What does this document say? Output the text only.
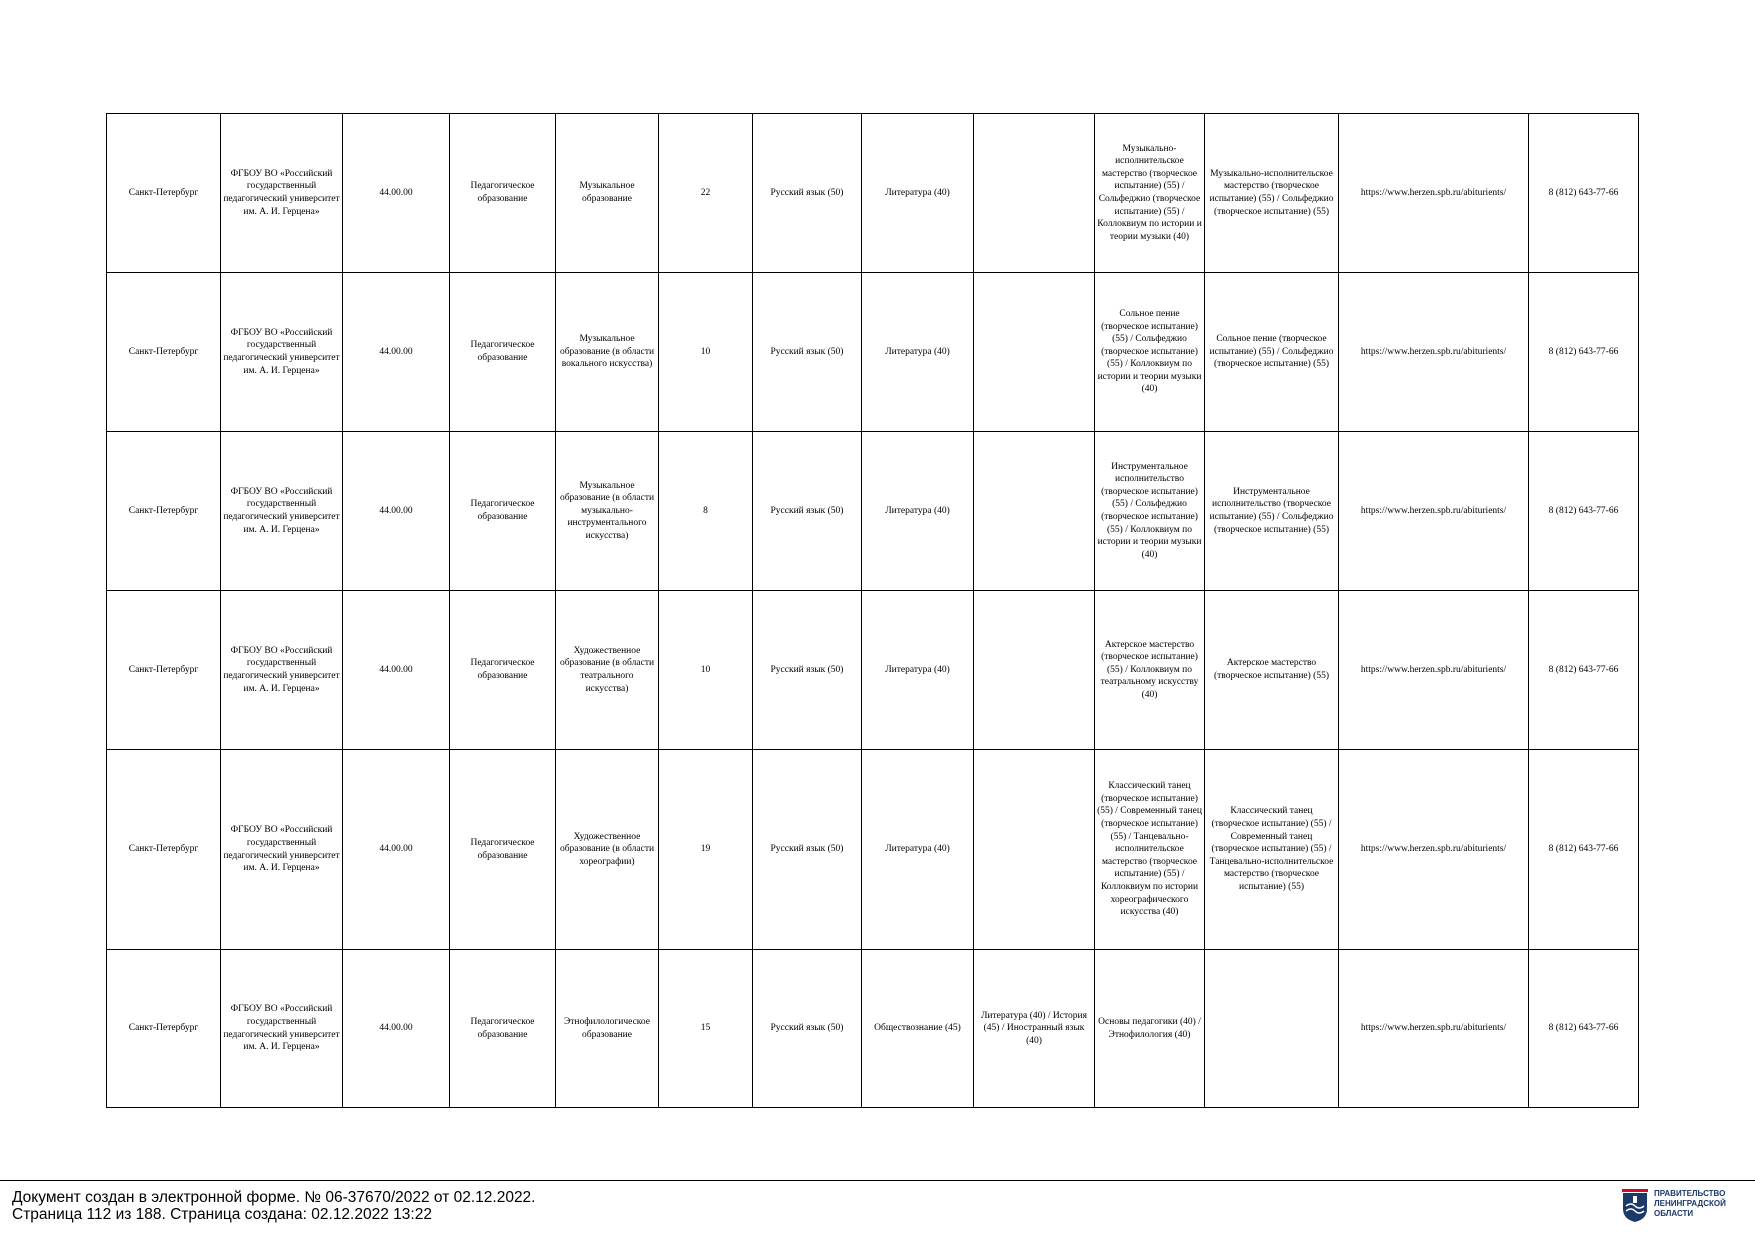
Санкт-Петербург	ФГБОУ ВО «Российский государственный педагогический университет им. А. И. Герцена»	44.00.00	Педагогическое образование	Музыкальное образование	22	Русский язык (50)	Литература (40)		Музыкально-исполнительское мастерство (творческое испытание) (55) / Сольфеджио (творческое испытание) (55) / Коллоквиум по истории и теории музыки (40)	Музыкально-исполнительское мастерство (творческое испытание) (55) / Сольфеджио (творческое испытание) (55)	https://www.herzen.spb.ru/abiturients/	8 (812) 643-77-66
Санкт-Петербург	ФГБОУ ВО «Российский государственный педагогический университет им. А. И. Герцена»	44.00.00	Педагогическое образование	Музыкальное образование (в области вокального искусства)	10	Русский язык (50)	Литература (40)		Сольное пение (творческое испытание) (55) / Сольфеджио (творческое испытание) (55) / Коллоквиум по истории и теории музыки (40)	Сольное пение (творческое испытание) (55) / Сольфеджио (творческое испытание) (55)	https://www.herzen.spb.ru/abiturients/	8 (812) 643-77-66
Санкт-Петербург	ФГБОУ ВО «Российский государственный педагогический университет им. А. И. Герцена»	44.00.00	Педагогическое образование	Музыкальное образование (в области музыкально-инструментального искусства)	8	Русский язык (50)	Литература (40)		Инструментальное исполнительство (творческое испытание) (55) / Сольфеджио (творческое испытание) (55) / Коллоквиум по истории и теории музыки (40)	Инструментальное исполнительство (творческое испытание) (55) / Сольфеджио (творческое испытание) (55)	https://www.herzen.spb.ru/abiturients/	8 (812) 643-77-66
Санкт-Петербург	ФГБОУ ВО «Российский государственный педагогический университет им. А. И. Герцена»	44.00.00	Педагогическое образование	Художественное образование (в области театрального искусства)	10	Русский язык (50)	Литература (40)		Актерское мастерство (творческое испытание) (55) / Коллоквиум по театральному искусству (40)	Актерское мастерство (творческое испытание) (55)	https://www.herzen.spb.ru/abiturients/	8 (812) 643-77-66
Санкт-Петербург	ФГБОУ ВО «Российский государственный педагогический университет им. А. И. Герцена»	44.00.00	Педагогическое образование	Художественное образование (в области хореографии)	19	Русский язык (50)	Литература (40)		Классический танец (творческое испытание) (55) / Современный танец (творческое испытание) (55) / Танцевально-исполнительское мастерство (творческое испытание) (55) / Коллоквиум по истории хореографического искусства (40)	Классический танец (творческое испытание) (55) / Современный танец (творческое испытание) (55) / Танцевально-исполнительское мастерство (творческое испытание) (55)	https://www.herzen.spb.ru/abiturients/	8 (812) 643-77-66
Санкт-Петербург	ФГБОУ ВО «Российский государственный педагогический университет им. А. И. Герцена»	44.00.00	Педагогическое образование	Этнофилологическое образование	15	Русский язык (50)	Обществознание (45)	Литература (40) / История (45) / Иностранный язык (40)	Основы педагогики (40) / Этнофилология (40)		https://www.herzen.spb.ru/abiturients/	8 (812) 643-77-66
Документ создан в электронной форме. № 06-37670/2022 от 02.12.2022.
Страница 112 из 188. Страница создана: 02.12.2022 13:22
ПРАВИТЕЛЬСТВО
ЛЕНИНГРАДСКОЙ
ОБЛАСТИ
